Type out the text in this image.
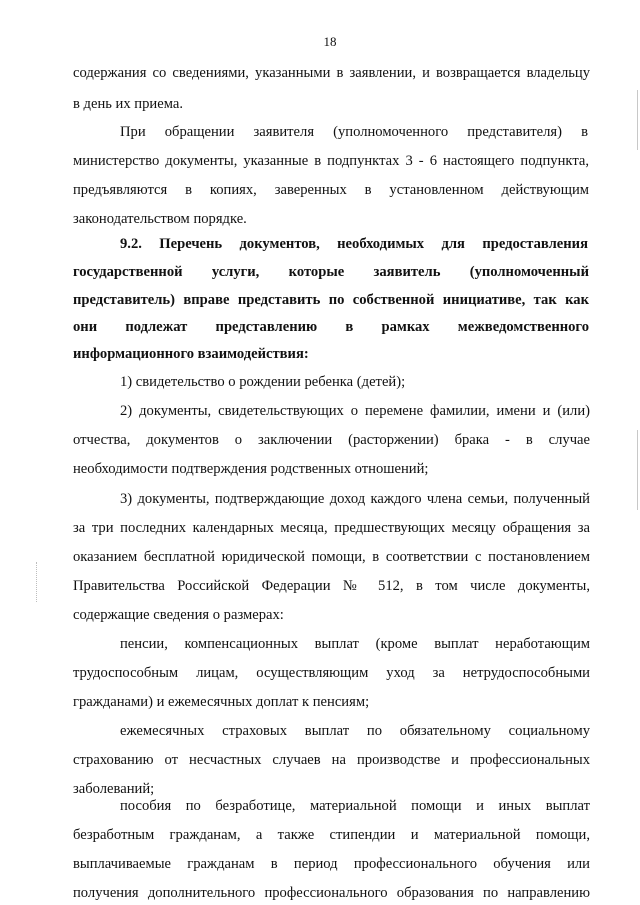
18
содержания со сведениями, указанными в заявлении, и возвращается владельцу
в день их приема.
При обращении заявителя (уполномоченного представителя) в
министерство документы, указанные в подпунктах 3 - 6 настоящего подпункта,
предъявляются в копиях, заверенных в установленном действующим
законодательством порядке.
9.2. Перечень документов, необходимых для предоставления
государственной услуги, которые заявитель (уполномоченный
представитель) вправе представить по собственной инициативе, так как
они подлежат представлению в рамках межведомственного
информационного взаимодействия:
1) свидетельство о рождении ребенка (детей);
2) документы, свидетельствующих о перемене фамилии, имени и (или)
отчества, документов о заключении (расторжении) брака - в случае
необходимости подтверждения родственных отношений;
3) документы, подтверждающие доход каждого члена семьи, полученный
за три последних календарных месяца, предшествующих месяцу обращения за
оказанием бесплатной юридической помощи, в соответствии с постановлением
Правительства Российской Федерации № 512, в том числе документы,
содержащие сведения о размерах:
пенсии, компенсационных выплат (кроме выплат неработающим
трудоспособным лицам, осуществляющим уход за нетрудоспособными
гражданами) и ежемесячных доплат к пенсиям;
ежемесячных страховых выплат по обязательному социальному
страхованию от несчастных случаев на производстве и профессиональных
заболеваний;
пособия по безработице, материальной помощи и иных выплат
безработным гражданам, а также стипендии и материальной помощи,
выплачиваемые гражданам в период профессионального обучения или
получения дополнительного профессионального образования по направлению
